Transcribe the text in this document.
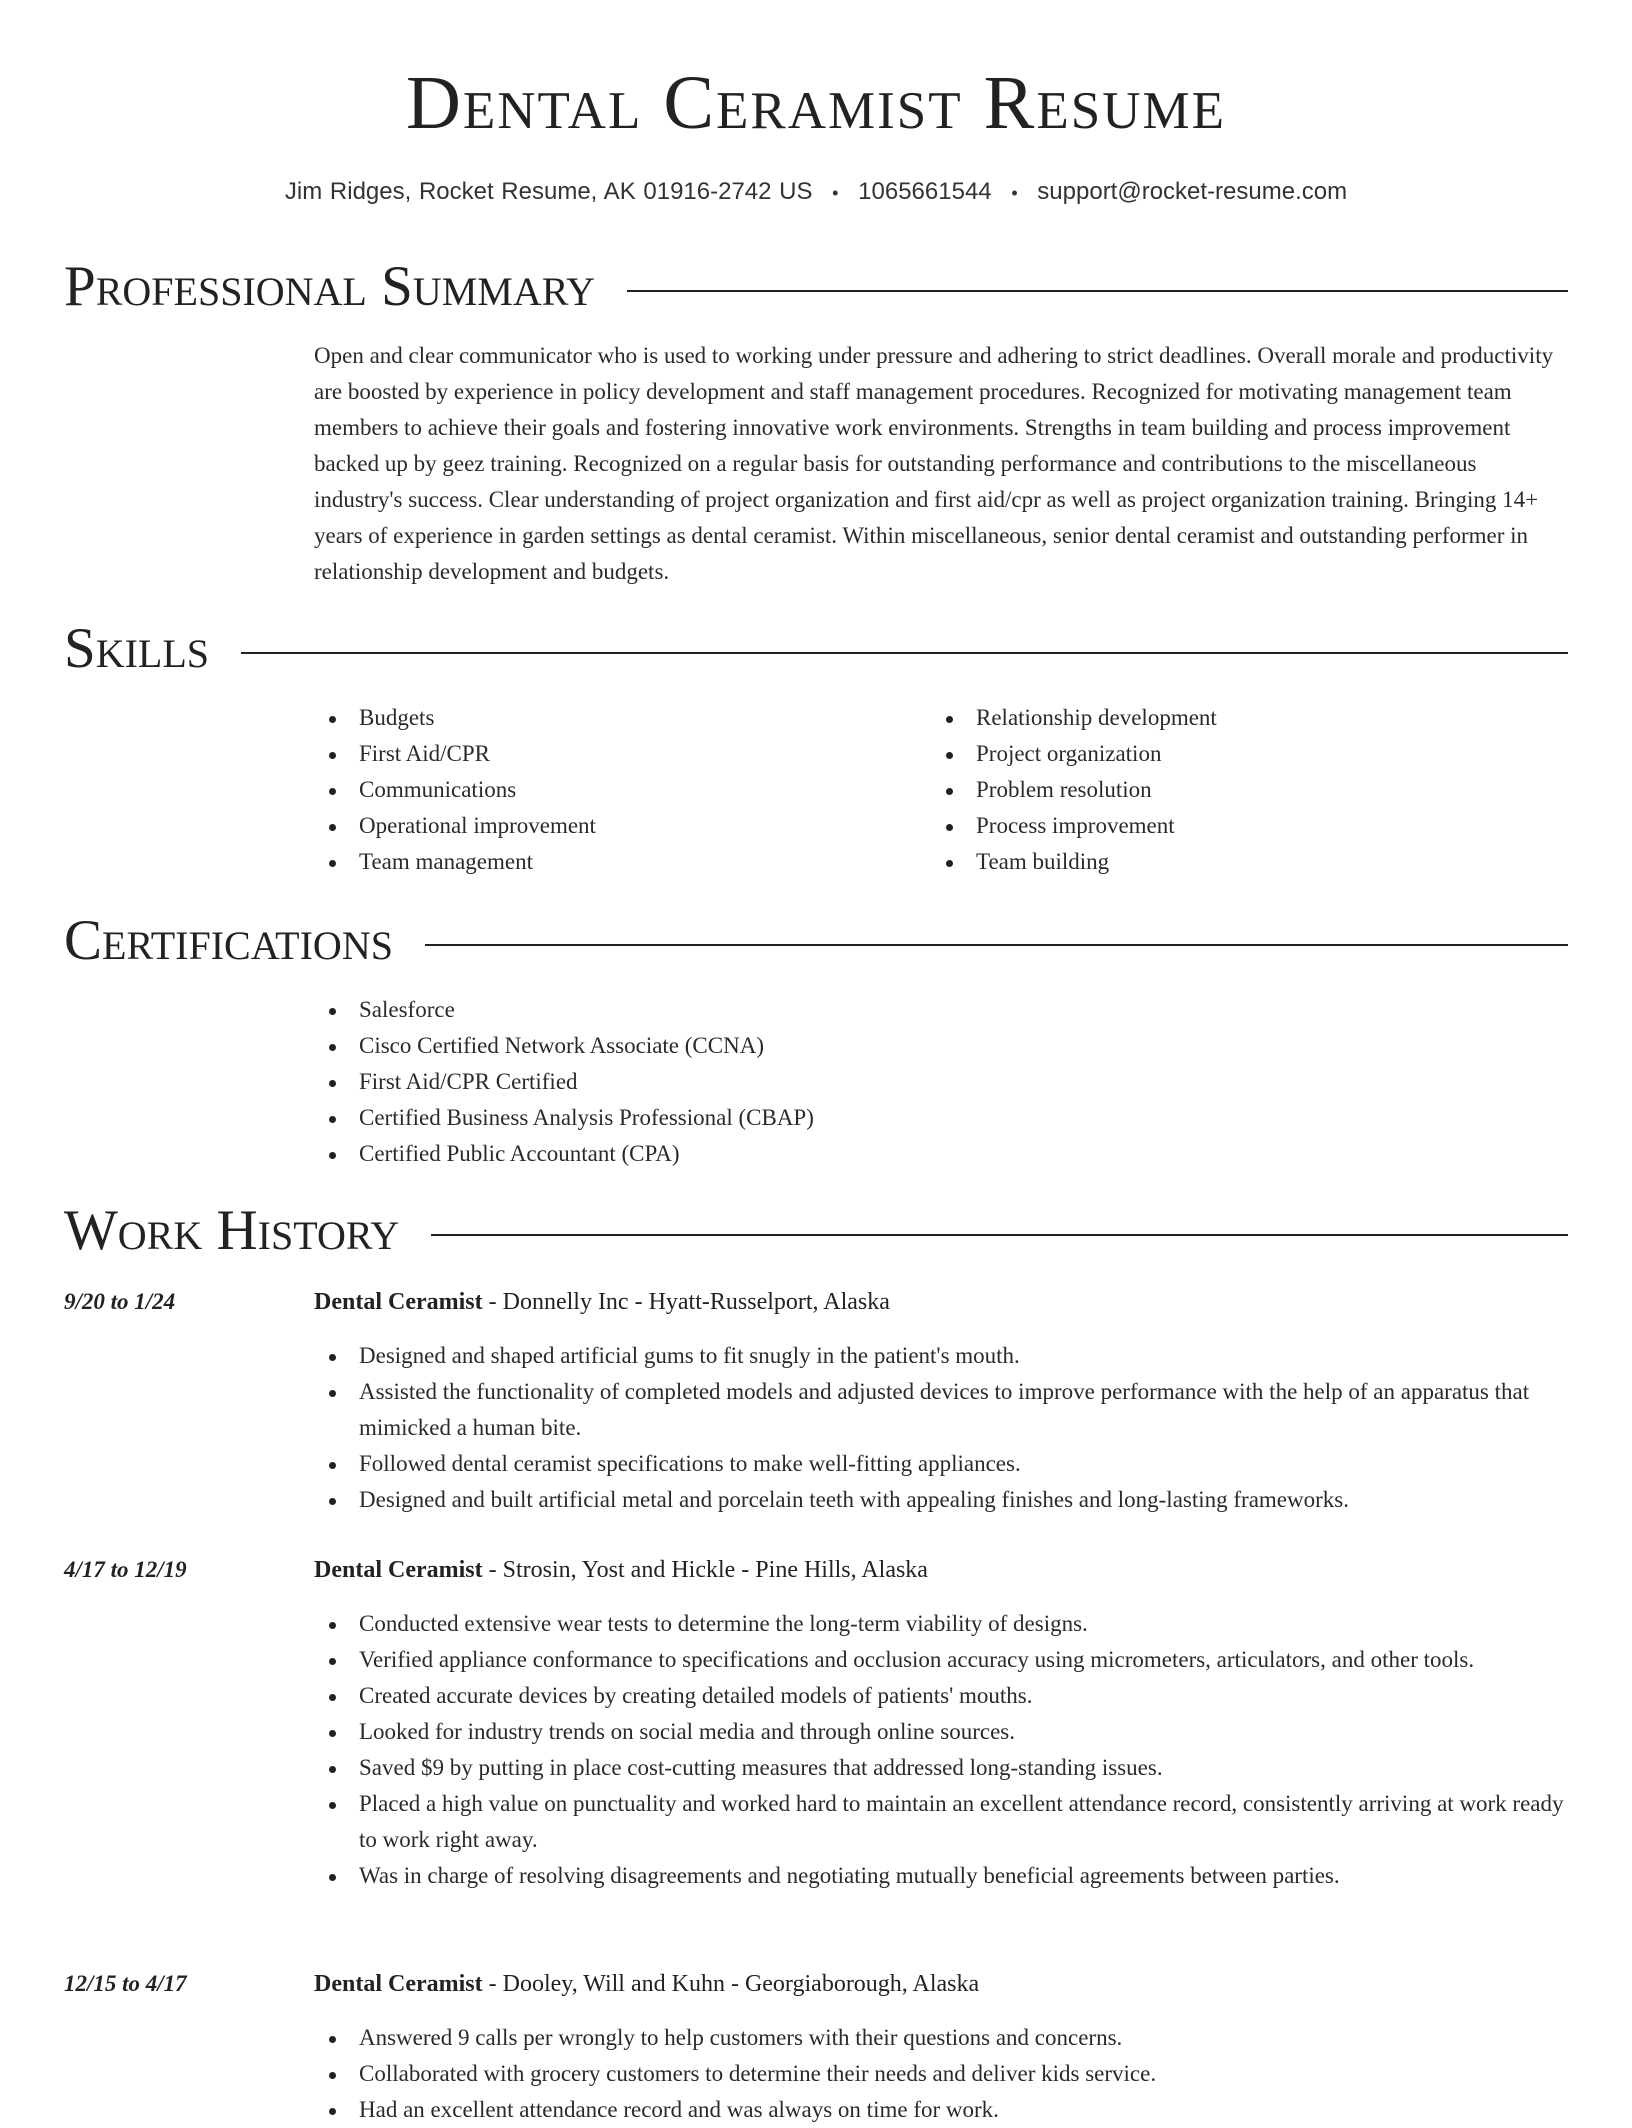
Dental Ceramist Resume
Jim Ridges, Rocket Resume, AK 01916-2742 US • 1065661544 • support@rocket-resume.com
Professional Summary

Open and clear communicator who is used to working under pressure and adhering to strict deadlines. Overall morale and productivity are boosted by experience in policy development and staff management procedures. Recognized for motivating management team members to achieve their goals and fostering innovative work environments. Strengths in team building and process improvement backed up by geez training. Recognized on a regular basis for outstanding performance and contributions to the miscellaneous industry's success. Clear understanding of project organization and first aid/cpr as well as project organization training. Bringing 14+ years of experience in garden settings as dental ceramist. Within miscellaneous, senior dental ceramist and outstanding performer in relationship development and budgets.

Skills
Budgets
First Aid/CPR
Communications
Operational improvement
Team management
Relationship development
Project organization
Problem resolution
Process improvement
Team building
Certifications
Salesforce
Cisco Certified Network Associate (CCNA)
First Aid/CPR Certified
Certified Business Analysis Professional (CBAP)
Certified Public Accountant (CPA)
Work History
9/20 to 1/24	Dental Ceramist - Donnelly Inc - Hyatt-Russelport, Alaska
Designed and shaped artificial gums to fit snugly in the patient's mouth.
Assisted the functionality of completed models and adjusted devices to improve performance with the help of an apparatus that mimicked a human bite.
Followed dental ceramist specifications to make well-fitting appliances.
Designed and built artificial metal and porcelain teeth with appealing finishes and long-lasting frameworks.
4/17 to 12/19	Dental Ceramist - Strosin, Yost and Hickle - Pine Hills, Alaska
Conducted extensive wear tests to determine the long-term viability of designs.
Verified appliance conformance to specifications and occlusion accuracy using micrometers, articulators, and other tools.
Created accurate devices by creating detailed models of patients' mouths.
Looked for industry trends on social media and through online sources.
Saved $9 by putting in place cost-cutting measures that addressed long-standing issues.
Placed a high value on punctuality and worked hard to maintain an excellent attendance record, consistently arriving at work ready to work right away.
Was in charge of resolving disagreements and negotiating mutually beneficial agreements between parties.
12/15 to 4/17	Dental Ceramist - Dooley, Will and Kuhn - Georgiaborough, Alaska
Answered 9 calls per wrongly to help customers with their questions and concerns.
Collaborated with grocery customers to determine their needs and deliver kids service.
Had an excellent attendance record and was always on time for work.
